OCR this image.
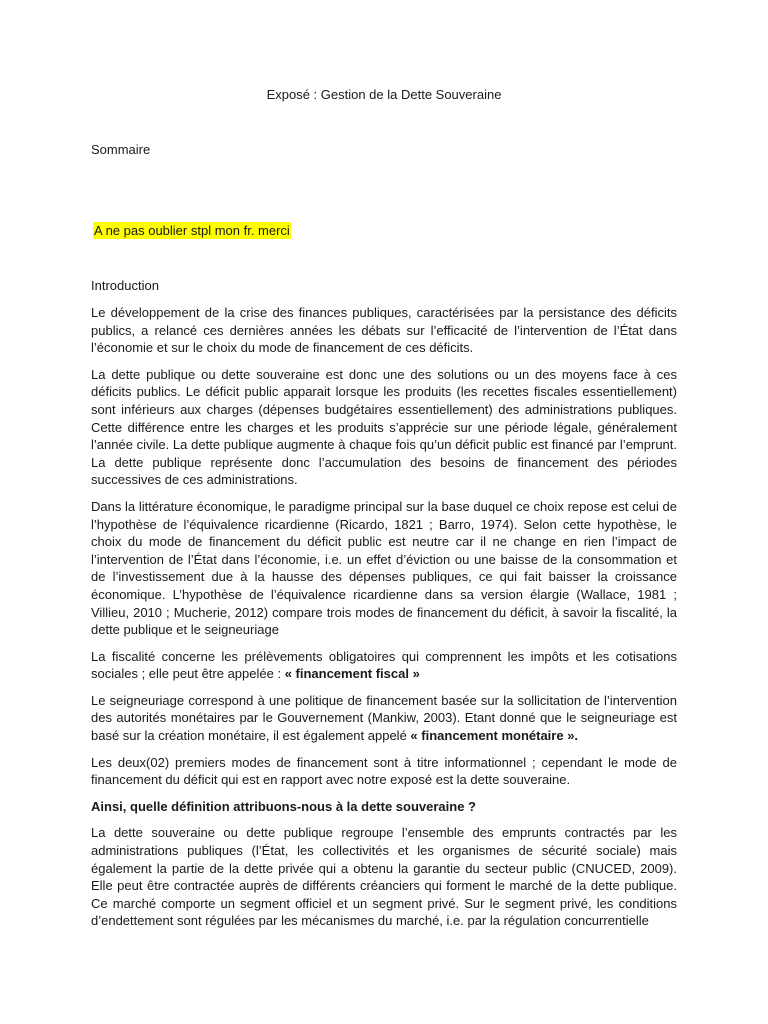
Exposé : Gestion de la Dette Souveraine
Sommaire
A ne pas oublier stpl mon fr. merci
Introduction

Le développement de la crise des finances publiques, caractérisées par la persistance des déficits publics, a relancé ces dernières années les débats sur l’efficacité de l’intervention de l’État dans l’économie et sur le choix du mode de financement de ces déficits.

La dette publique ou dette souveraine est donc une des solutions ou un des moyens face à ces déficits publics. Le déficit public apparait lorsque les produits (les recettes fiscales essentiellement) sont inférieurs aux charges (dépenses budgétaires essentiellement) des administrations publiques. Cette différence entre les charges et les produits s’apprécie sur une période légale, généralement l’année civile. La dette publique augmente à chaque fois qu’un déficit public est financé par l’emprunt. La dette publique représente donc l’accumulation des besoins de financement des périodes successives de ces administrations.

Dans la littérature économique, le paradigme principal sur la base duquel ce choix repose est celui de l’hypothèse de l’équivalence ricardienne (Ricardo, 1821 ; Barro, 1974). Selon cette hypothèse, le choix du mode de financement du déficit public est neutre car il ne change en rien l’impact de l’intervention de l’État dans l’économie, i.e. un effet d’éviction ou une baisse de la consommation et de l’investissement due à la hausse des dépenses publiques, ce qui fait baisser la croissance économique. L’hypothèse de l’équivalence ricardienne dans sa version élargie (Wallace, 1981 ; Villieu, 2010 ; Mucherie, 2012) compare trois modes de financement du déficit, à savoir la fiscalité, la dette publique et le seigneuriage

La fiscalité concerne les prélèvements obligatoires qui comprennent les impôts et les cotisations sociales ; elle peut être appelée : « financement fiscal »

Le seigneuriage correspond à une politique de financement basée sur la sollicitation de l’intervention des autorités monétaires par le Gouvernement (Mankiw, 2003). Etant donné que le seigneuriage est basé sur la création monétaire, il est également appelé « financement monétaire ».

Les deux(02) premiers modes de financement sont à titre informationnel ; cependant le mode de financement du déficit qui est en rapport avec notre exposé est la dette souveraine.

Ainsi, quelle définition attribuons-nous à la dette souveraine ?

La dette souveraine ou dette publique regroupe l’ensemble des emprunts contractés par les administrations publiques (l’État, les collectivités et les organismes de sécurité sociale) mais également la partie de la dette privée qui a obtenu la garantie du secteur public (CNUCED, 2009). Elle peut être contractée auprès de différents créanciers qui forment le marché de la dette publique. Ce marché comporte un segment officiel et un segment privé. Sur le segment privé, les conditions d’endettement sont régulées par les mécanismes du marché, i.e. par la régulation concurrentielle
